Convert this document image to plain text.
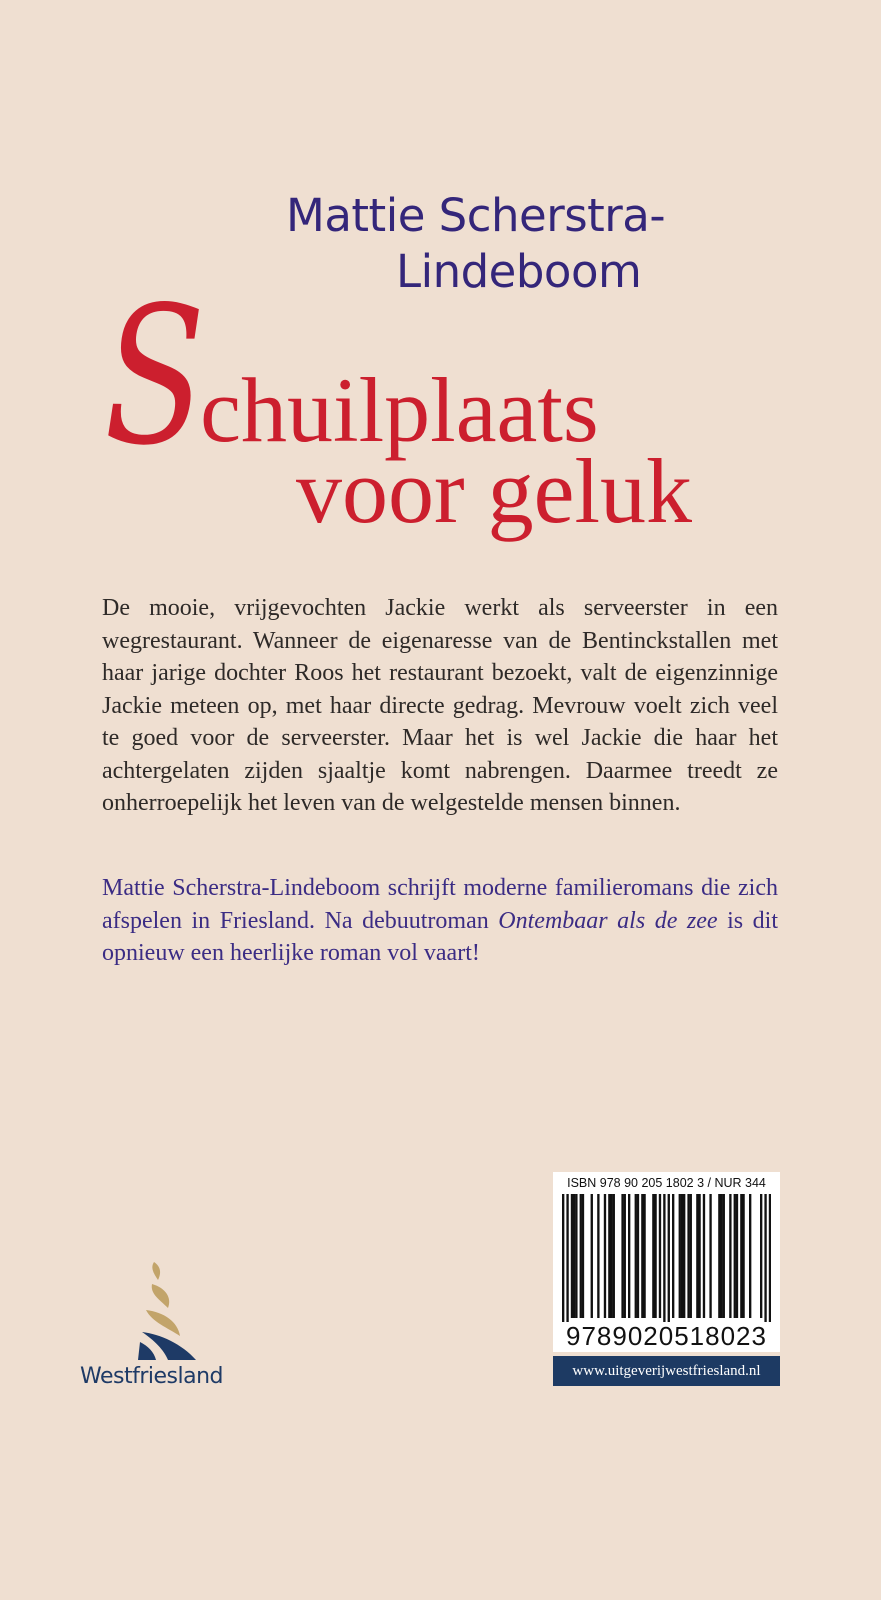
Mattie Scherstra-
Lindeboom
Schuilplaats
voor geluk
De mooie, vrijgevochten Jackie werkt als serveerster in een wegrestaurant. Wanneer de eigenaresse van de Bentinckstallen met haar jarige dochter Roos het restaurant bezoekt, valt de eigenzinnige Jackie meteen op, met haar directe gedrag. Mevrouw voelt zich veel te goed voor de serveerster. Maar het is wel Jackie die haar het achtergelaten zijden sjaaltje komt nabrengen. Daarmee treedt ze onherroepelijk het leven van de welgestelde mensen binnen.
Mattie Scherstra-Lindeboom schrijft moderne familieromans die zich afspelen in Friesland. Na debuutroman Ontembaar als de zee is dit opnieuw een heerlijke roman vol vaart!
Westfriesland
ISBN 978 90 205 1802 3 / NUR 344
9789020518023
www.uitgeverijwestfriesland.nl
